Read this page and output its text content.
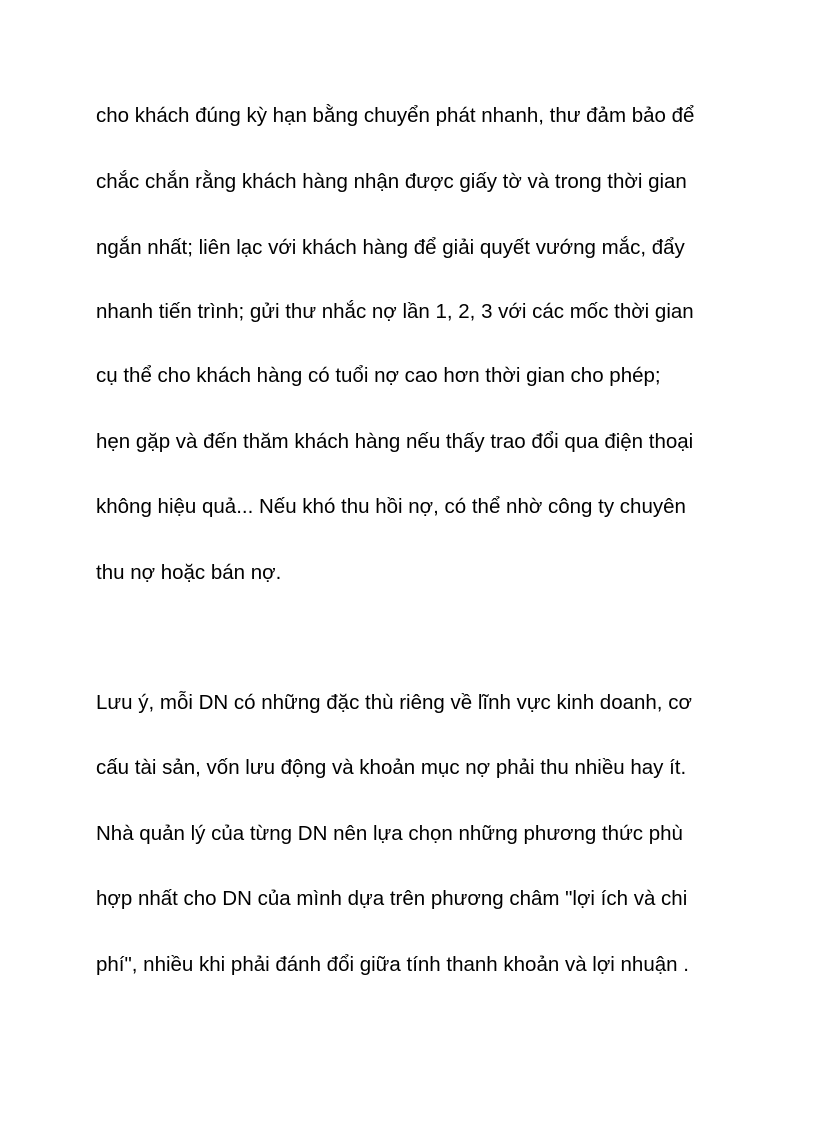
cho khách đúng kỳ hạn bằng chuyển phát nhanh, thư đảm bảo để

chắc chắn rằng khách hàng nhận được giấy tờ và trong thời gian

ngắn nhất; liên lạc với khách hàng để giải quyết vướng mắc, đẩy

nhanh tiến trình; gửi thư nhắc nợ lần 1, 2, 3 với các mốc thời gian

cụ thể cho khách hàng có tuổi nợ cao hơn thời gian cho phép;

hẹn gặp và đến thăm khách hàng nếu thấy trao đổi qua điện thoại

không hiệu quả... Nếu khó thu hồi nợ, có thể nhờ công ty chuyên

thu nợ hoặc bán nợ.

Lưu ý, mỗi DN có những đặc thù riêng về lĩnh vực kinh doanh, cơ

cấu tài sản, vốn lưu động và khoản mục nợ phải thu nhiều hay ít.

Nhà quản lý của từng DN nên lựa chọn những phương thức phù

hợp nhất cho DN của mình dựa trên phương châm "lợi ích và chi

phí", nhiều khi phải đánh đổi giữa tính thanh khoản và lợi nhuận .
